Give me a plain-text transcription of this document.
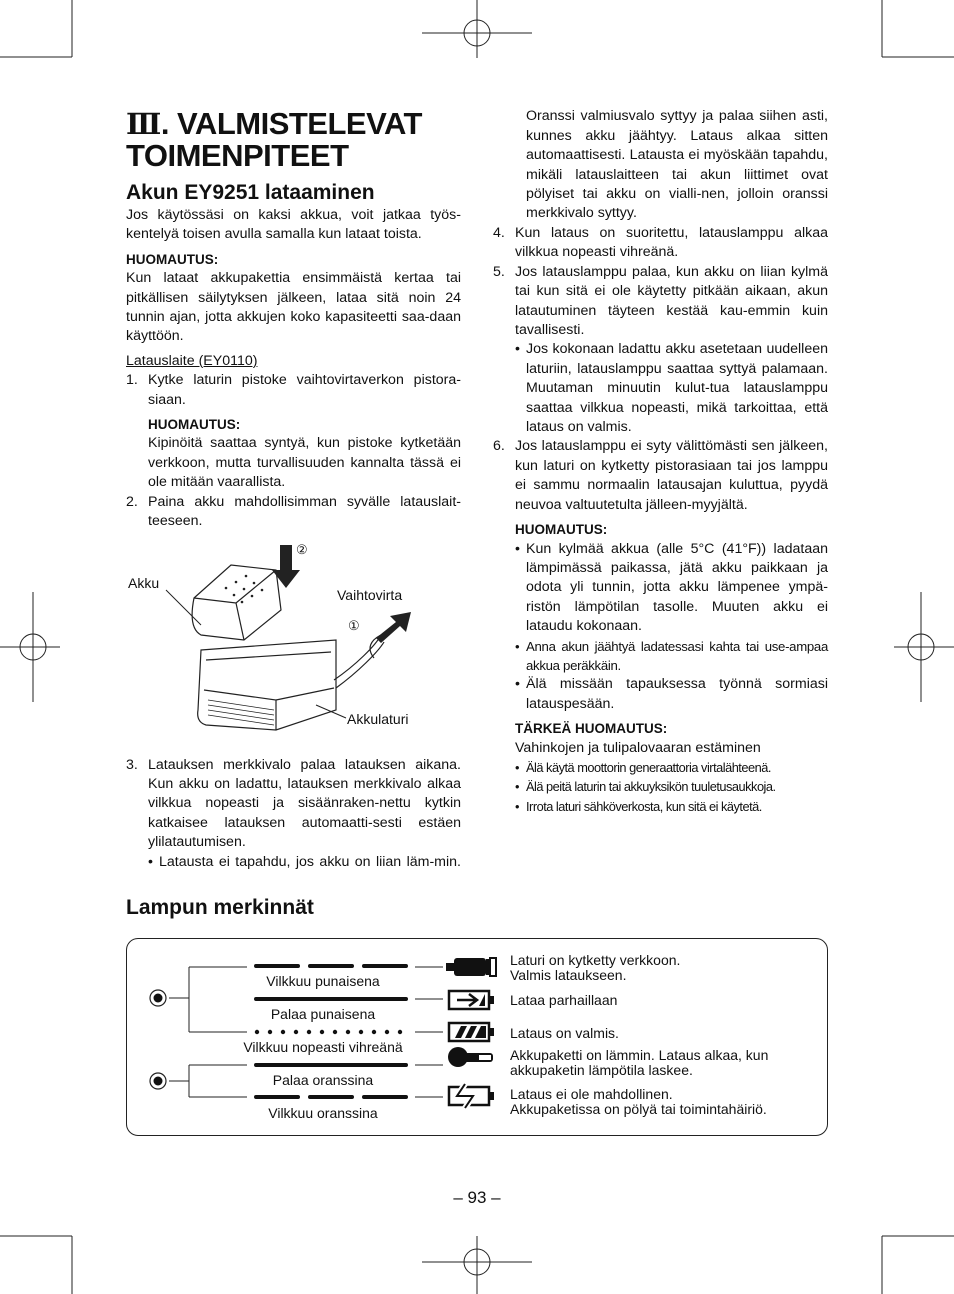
Ⅲ. VALMISTELEVAT
TOIMENPITEET
Akun EY9251 lataaminen

Jos käytössäsi on kaksi akkua, voit jatkaa työs-kentelyä toisen avulla samalla kun lataat toista.

HUOMAUTUS:

Kun lataat akkupakettia ensimmäistä kertaa tai pitkällisen säilytyksen jälkeen, lataa sitä noin 24 tunnin ajan, jotta akkujen koko kapasiteetti saa-daan käyttöön.

Latauslaite (EY0110)
1. Kytke laturin pistoke vaihtovirtaverkon pistora-siaan.
HUOMAUTUS:

Kipinöitä saattaa syntyä, kun pistoke kytketään verkkoon, mutta turvallisuuden kannalta tässä ei ole mitään vaarallista.

2. Paina akku mahdollisimman syvälle latauslait-teeseen.
②
①
Akku
Vaihtovirta
Akkulaturi
3. Latauksen merkkivalo palaa latauksen aikana. Kun akku on ladattu, latauksen merkkivalo alkaa vilkkua nopeasti ja sisäänraken-nettu kytkin katkaisee latauksen automaatti-sesti estäen ylilatautumisen.
• Latausta ei tapahdu, jos akku on liian läm-min.
Oranssi valmiusvalo syttyy ja palaa siihen asti, kunnes akku jäähtyy. Lataus alkaa sitten automaattisesti. Latausta ei myöskään tapahdu, mikäli latauslaitteen tai akun liittimet ovat pölyiset tai akku on vialli-nen, jolloin oranssi merkkivalo syttyy.
4. Kun lataus on suoritettu, latauslamppu alkaa vilkkua nopeasti vihreänä.
5. Jos latauslamppu palaa, kun akku on liian kylmä tai kun sitä ei ole käytetty pitkään aikaan, akun latautuminen täyteen kestää kau-emmin kuin tavallisesti.
• Jos kokonaan ladattu akku asetetaan uudelleen laturiin, latauslamppu saattaa syttyä palamaan. Muutaman minuutin kulut-tua latauslamppu saattaa vilkkua nopeasti, mikä tarkoittaa, että lataus on valmis.
6. Jos latauslamppu ei syty välittömästi sen jälkeen, kun laturi on kytketty pistorasiaan tai jos lamppu ei sammu normaalin latausajan kuluttua, pyydä neuvoa valtuutetulta jälleen-myyjältä.
HUOMAUTUS:
• Kun kylmää akkua (alle 5°C (41°F)) ladataan lämpimässä paikassa, jätä akku paikkaan ja odota yli tunnin, jotta akku lämpenee ympä-ristön lämpötilan tasolle. Muuten akku ei lataudu kokonaan.
• Anna akun jäähtyä ladatessasi kahta tai use-ampaa akkua peräkkäin.
• Älä missään tapauksessa työnnä sormiasi latauspesään.
TÄRKEÄ HUOMAUTUS:
Vahinkojen ja tulipalovaaran estäminen
• Älä käytä moottorin generaattoria virtalähteenä.
• Älä peitä laturin tai akkuyksikön tuuletusaukkoja.
• Irrota laturi sähköverkosta, kun sitä ei käytetä.
Lampun merkinnät
Vilkkuu punaisena
Palaa punaisena
Vilkkuu nopeasti vihreänä
Palaa oranssina
Vilkkuu oranssina
Laturi on kytketty verkkoon.
Valmis lataukseen.
Lataa parhaillaan
Lataus on valmis.
Akkupaketti on lämmin. Lataus alkaa, kun
akkupaketin lämpötila laskee.
Lataus ei ole mahdollinen.
Akkupaketissa on pölyä tai toimintahäiriö.
– 93 –
